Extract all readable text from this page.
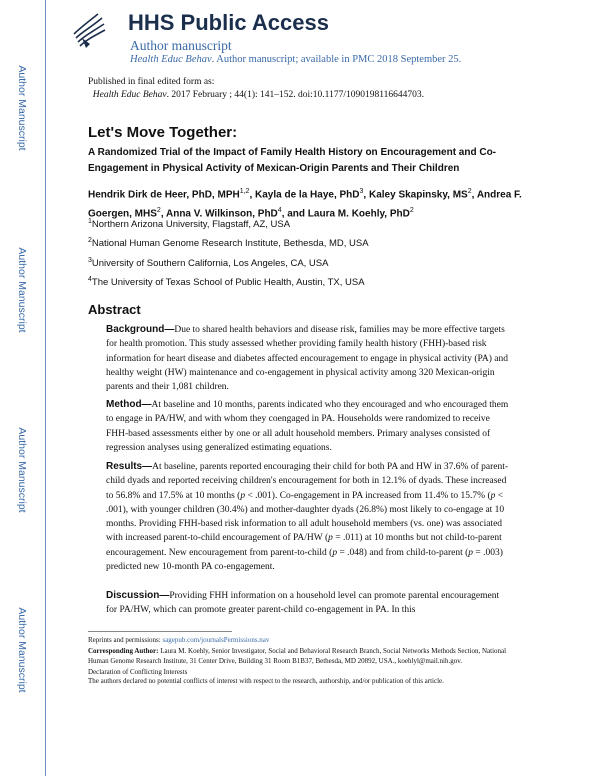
Author Manuscript
Author Manuscript
Author Manuscript
Author Manuscript
HHS Public Access
Author manuscript
Health Educ Behav. Author manuscript; available in PMC 2018 September 25.
Published in final edited form as:
Health Educ Behav. 2017 February ; 44(1): 141–152. doi:10.1177/1090198116644703.
Let's Move Together:
A Randomized Trial of the Impact of Family Health History on Encouragement and Co-Engagement in Physical Activity of Mexican-Origin Parents and Their Children
Hendrik Dirk de Heer, PhD, MPH$^{1,2}$, Kayla de la Haye, PhD$^3$, Kaley Skapinsky, $MS^2$, Andrea F. Goergen, MHS$^2$, Anna V. Wilkinson, PhD$^4$, and Laura M. Koehly, PhD$^2$
$^1$Northern Arizona University, Flagstaff, AZ, USA
$^2$National Human Genome Research Institute, Bethesda, MD, USA
$^3$University of Southern California, Los Angeles, CA, USA
$^4$The University of Texas School of Public Health, Austin, TX, USA
Abstract
Background—Due to shared health behaviors and disease risk, families may be more effective targets for health promotion. This study assessed whether providing family health history (FHH)-based risk information for heart disease and diabetes affected encouragement to engage in physical activity (PA) and healthy weight (HW) maintenance and co-engagement in physical activity among 320 Mexican-origin parents and their 1,081 children.
Method—At baseline and 10 months, parents indicated who they encouraged and who encouraged them to engage in PA/HW, and with whom they coengaged in PA. Households were randomized to receive FHH-based assessments either by one or all adult household members. Primary analyses consisted of regression analyses using generalized estimating equations.
Results—At baseline, parents reported encouraging their child for both PA and HW in 37.6% of parent-child dyads and reported receiving children's encouragement for both in 12.1% of dyads. These increased to 56.8% and 17.5% at 10 months (p < .001). Co-engagement in PA increased from 11.4% to 15.7% (p < .001), with younger children (30.4%) and mother-daughter dyads (26.8%) most likely to co-engage at 10 months. Providing FHH-based risk information to all adult household members (vs. one) was associated with increased parent-to-child encouragement of PA/HW (p = .011) at 10 months but not child-to-parent encouragement. New encouragement from parent-to-child (p = .048) and from child-to-parent (p = .003) predicted new 10-month PA co-engagement.
Discussion—Providing FHH information on a household level can promote parental encouragement for PA/HW, which can promote greater parent-child co-engagement in PA. In this
Reprints and permissions: sagepub.com/journalsPermissions.nav
Corresponding Author: Laura M. Koehly, Senior Investigator, Social and Behavioral Research Branch, Social Networks Methods Section, National Human Genome Research Institute, 31 Center Drive, Building 31 Room B1B37, Bethesda, MD 20892, USA., koehlyl@mail.nih.gov.
Declaration of Conflicting Interests
The authors declared no potential conflicts of interest with respect to the research, authorship, and/or publication of this article.
